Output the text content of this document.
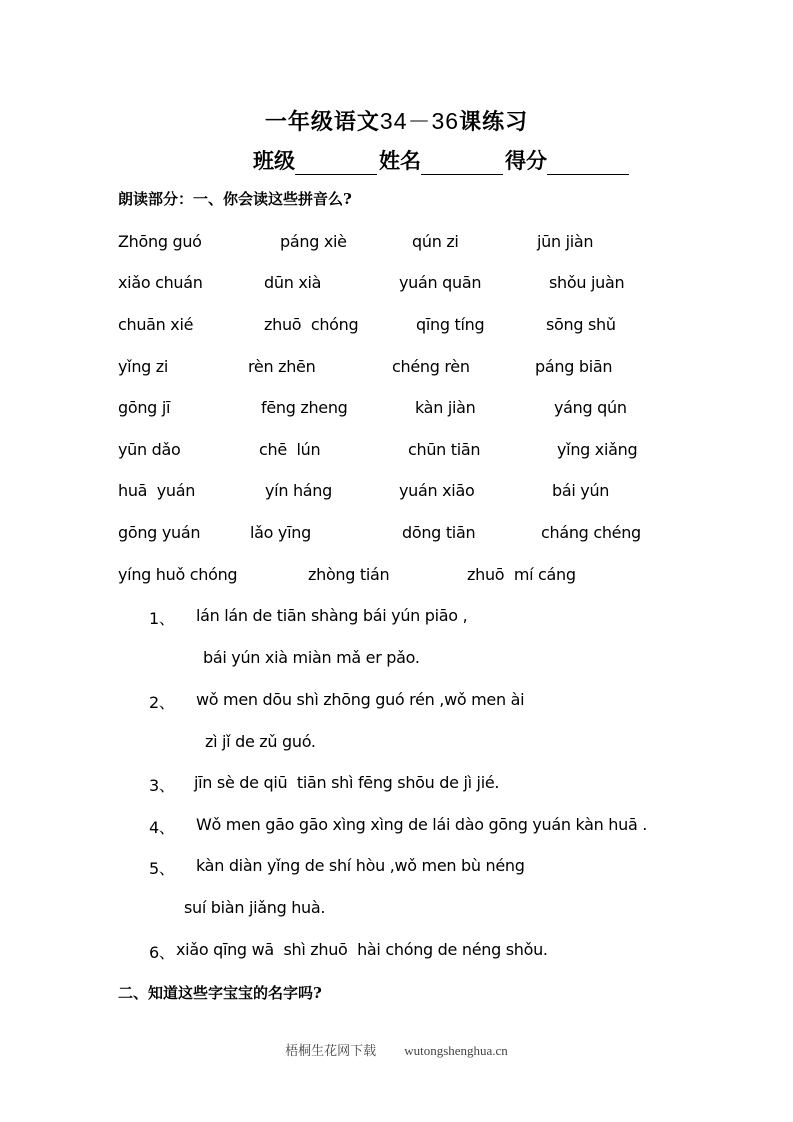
一年级语文34－36课练习
班级	姓名	得分
朗读部分：一、你会读这些拼音么?
Zhōng guó	páng xiè	qún zi	jūn jiàn
xiǎo chuán	dūn xià	yuán quān	shǒu juàn
chuān xié	zhuō  chóng	qīng tíng	sōng shǔ
yǐng zi	rèn zhēn	chéng rèn	páng biān
gōng jī	fēng zheng	kàn jiàn	yáng qún
yūn dǎo	chē  lún	chūn tiān	yǐng xiǎng
huā  yuán	yín háng	yuán xiāo	bái yún
gōng yuán	lǎo yīng	dōng tiān	cháng chéng
yíng huǒ chóng	zhòng tián	zhuō  mí cáng
1、 lán lán de tiān shàng bái yún piāo ,
bái yún xià miàn mǎ er pǎo.
2、 wǒ men dōu shì zhōng guó rén ,wǒ men ài
zì jǐ de zǔ guó.
3、 jīn sè de qiū  tiān shì fēng shōu de jì jié.
4、 Wǒ men gāo gāo xìng xìng de lái dào gōng yuán kàn huā .
5、 kàn diàn yǐng de shí hòu ,wǒ men bù néng
suí biàn jiǎng huà.
6、 xiǎo qīng wā  shì zhuō  hài chóng de néng shǒu.
二、知道这些字宝宝的名字吗?
梧桐生花网下载 wutongshenghua.cn
